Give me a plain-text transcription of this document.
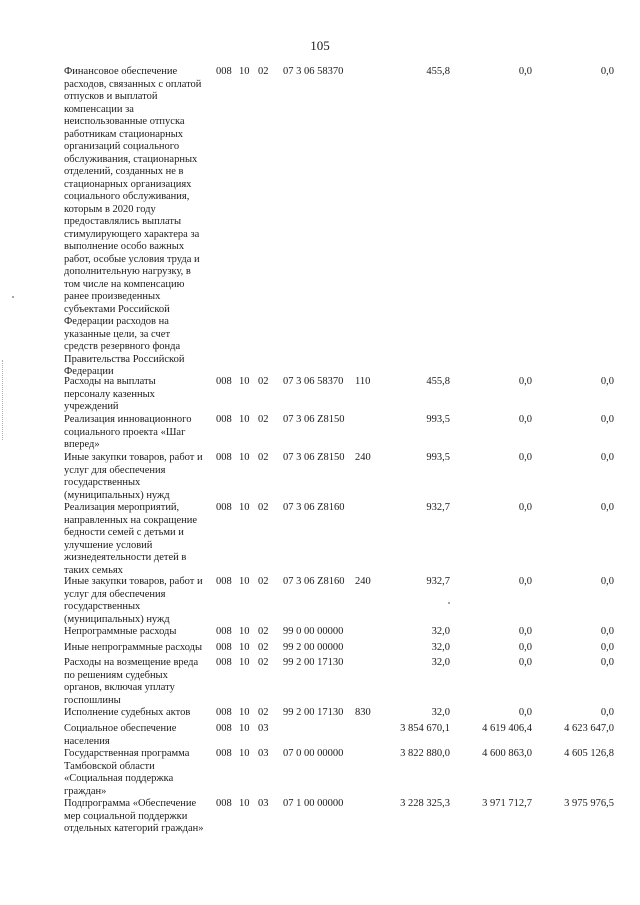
105
Финансовое обеспечение
расходов, связанных с оплатой
отпусков и выплатой
компенсации за
неиспользованные отпуска
работникам стационарных
организаций социального
обслуживания, стационарных
отделений, созданных не в
стационарных организациях
социального обслуживания,
которым в 2020 году
предоставлялись выплаты
стимулирующего характера за
выполнение особо важных
работ, особые условия труда и
дополнительную нагрузку, в
том числе на компенсацию
ранее произведенных
субъектами Российской
Федерации расходов на
указанные цели, за счет
средств резервного фонда
Правительства Российской
Федерации
008 10 02 07 3 06 58370	455,8	0,0	0,0
Расходы на выплаты
персоналу казенных
учреждений
008 10 02 07 3 06 58370 110	455,8	0,0	0,0
Реализация инновационного
социального проекта «Шаг
вперед»
008 10 02 07 3 06 Z8150	993,5	0,0	0,0
Иные закупки товаров, работ и
услуг для обеспечения
государственных
(муниципальных) нужд
008 10 02 07 3 06 Z8150 240	993,5	0,0	0,0
Реализация мероприятий,
направленных на сокращение
бедности семей с детьми и
улучшение условий
жизнедеятельности детей в
таких семьях
008 10 02 07 3 06 Z8160	932,7	0,0	0,0
Иные закупки товаров, работ и
услуг для обеспечения
государственных
(муниципальных) нужд
008 10 02 07 3 06 Z8160 240	932,7	0,0	0,0
Непрограммные расходы	008 10 02 99 0 00 00000	32,0	0,0	0,0
Иные непрограммные расходы	008 10 02 99 2 00 00000	32,0	0,0	0,0
Расходы на возмещение вреда
по решениям судебных
органов, включая уплату
госпошлины
008 10 02 99 2 00 17130	32,0	0,0	0,0
Исполнение судебных актов	008 10 02 99 2 00 17130 830	32,0	0,0	0,0
Социальное обеспечение
населения
008 10 03	3 854 670,1	4 619 406,4	4 623 647,0
Государственная программа
Тамбовской области
«Социальная поддержка
граждан»
008 10 03 07 0 00 00000	3 822 880,0	4 600 863,0	4 605 126,8
Подпрограмма «Обеспечение
мер социальной поддержки
отдельных категорий граждан»
008 10 03 07 1 00 00000	3 228 325,3	3 971 712,7	3 975 976,5
